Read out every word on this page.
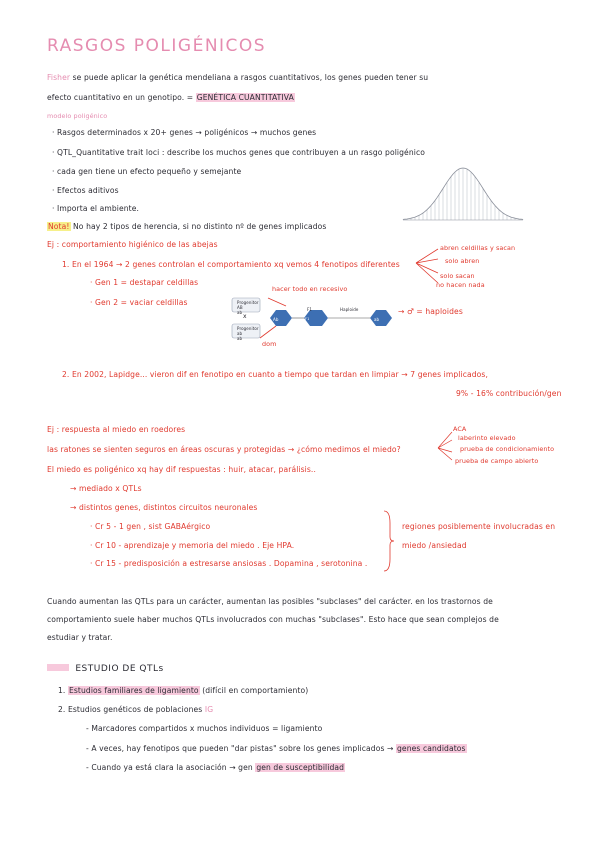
RASGOS POLIGÉNICOS
Fisher se puede aplicar la genética mendeliana a rasgos cuantitativos, los genes pueden tener su
efecto cuantitativo en un genotipo. = GENÉTICA CUANTITATIVA
modelo poligénico
· Rasgos determinados x 20+ genes → poligénicos → muchos genes
· QTL_Quantitative trait loci : describe los muchos genes que contribuyen a un rasgo poligénico
· cada gen tiene un efecto pequeño y semejante
· Efectos aditivos
· Importa el ambiente.
Nota! No hay 2 tipos de herencia, si no distinto nº de genes implicados
Ej : comportamiento higiénico de las abejas
1. En el 1964 → 2 genes controlan el comportamiento xq vemos 4 fenotipos diferentes
abren celdillas y sacan
solo abren
solo sacan
no hacen nada
· Gen 1 = destapar celdillas
· Gen 2 = vaciar celdillas
hacer todo en recesivo
Progenitor
AB
ab
Progenitor
ab
ab
x	Ab	F1
haploide
AB ab
ab
F1	Haploide	→ ♂ = haploides
dom
2. En 2002, Lapidge... vieron dif en fenotipo en cuanto a tiempo que tardan en limpiar → 7 genes implicados,
9% - 16% contribución/gen
Ej : respuesta al miedo en roedores
las ratones se sienten seguros en áreas oscuras y protegidas → ¿cómo medimos el miedo?
ACA
laberinto elevado
prueba de condicionamiento
prueba de campo abierto
El miedo es poligénico xq hay dif respuestas : huir, atacar, parálisis..
→ mediado x QTLs
→ distintos genes, distintos circuitos neuronales
· Cr 5 - 1 gen , sist GABAérgico
· Cr 10 - aprendizaje y memoria del miedo . Eje HPA.
· Cr 15 - predisposición a estresarse ansiosas . Dopamina , serotonina .
regiones posiblemente involucradas en
miedo /ansiedad
Cuando aumentan las QTLs para un carácter, aumentan las posibles "subclases" del carácter. en los trastornos de
comportamiento suele haber muchos QTLs involucrados con muchas "subclases". Esto hace que sean complejos de
estudiar y tratar.
ESTUDIO DE QTLs
1. Estudios familiares de ligamiento (difícil en comportamiento)
2. Estudios genéticos de poblaciones IG
- Marcadores compartidos x muchos individuos = ligamiento
- A veces, hay fenotipos que pueden "dar pistas" sobre los genes implicados → genes candidatos
- Cuando ya está clara la asociación → gen gen de susceptibilidad
